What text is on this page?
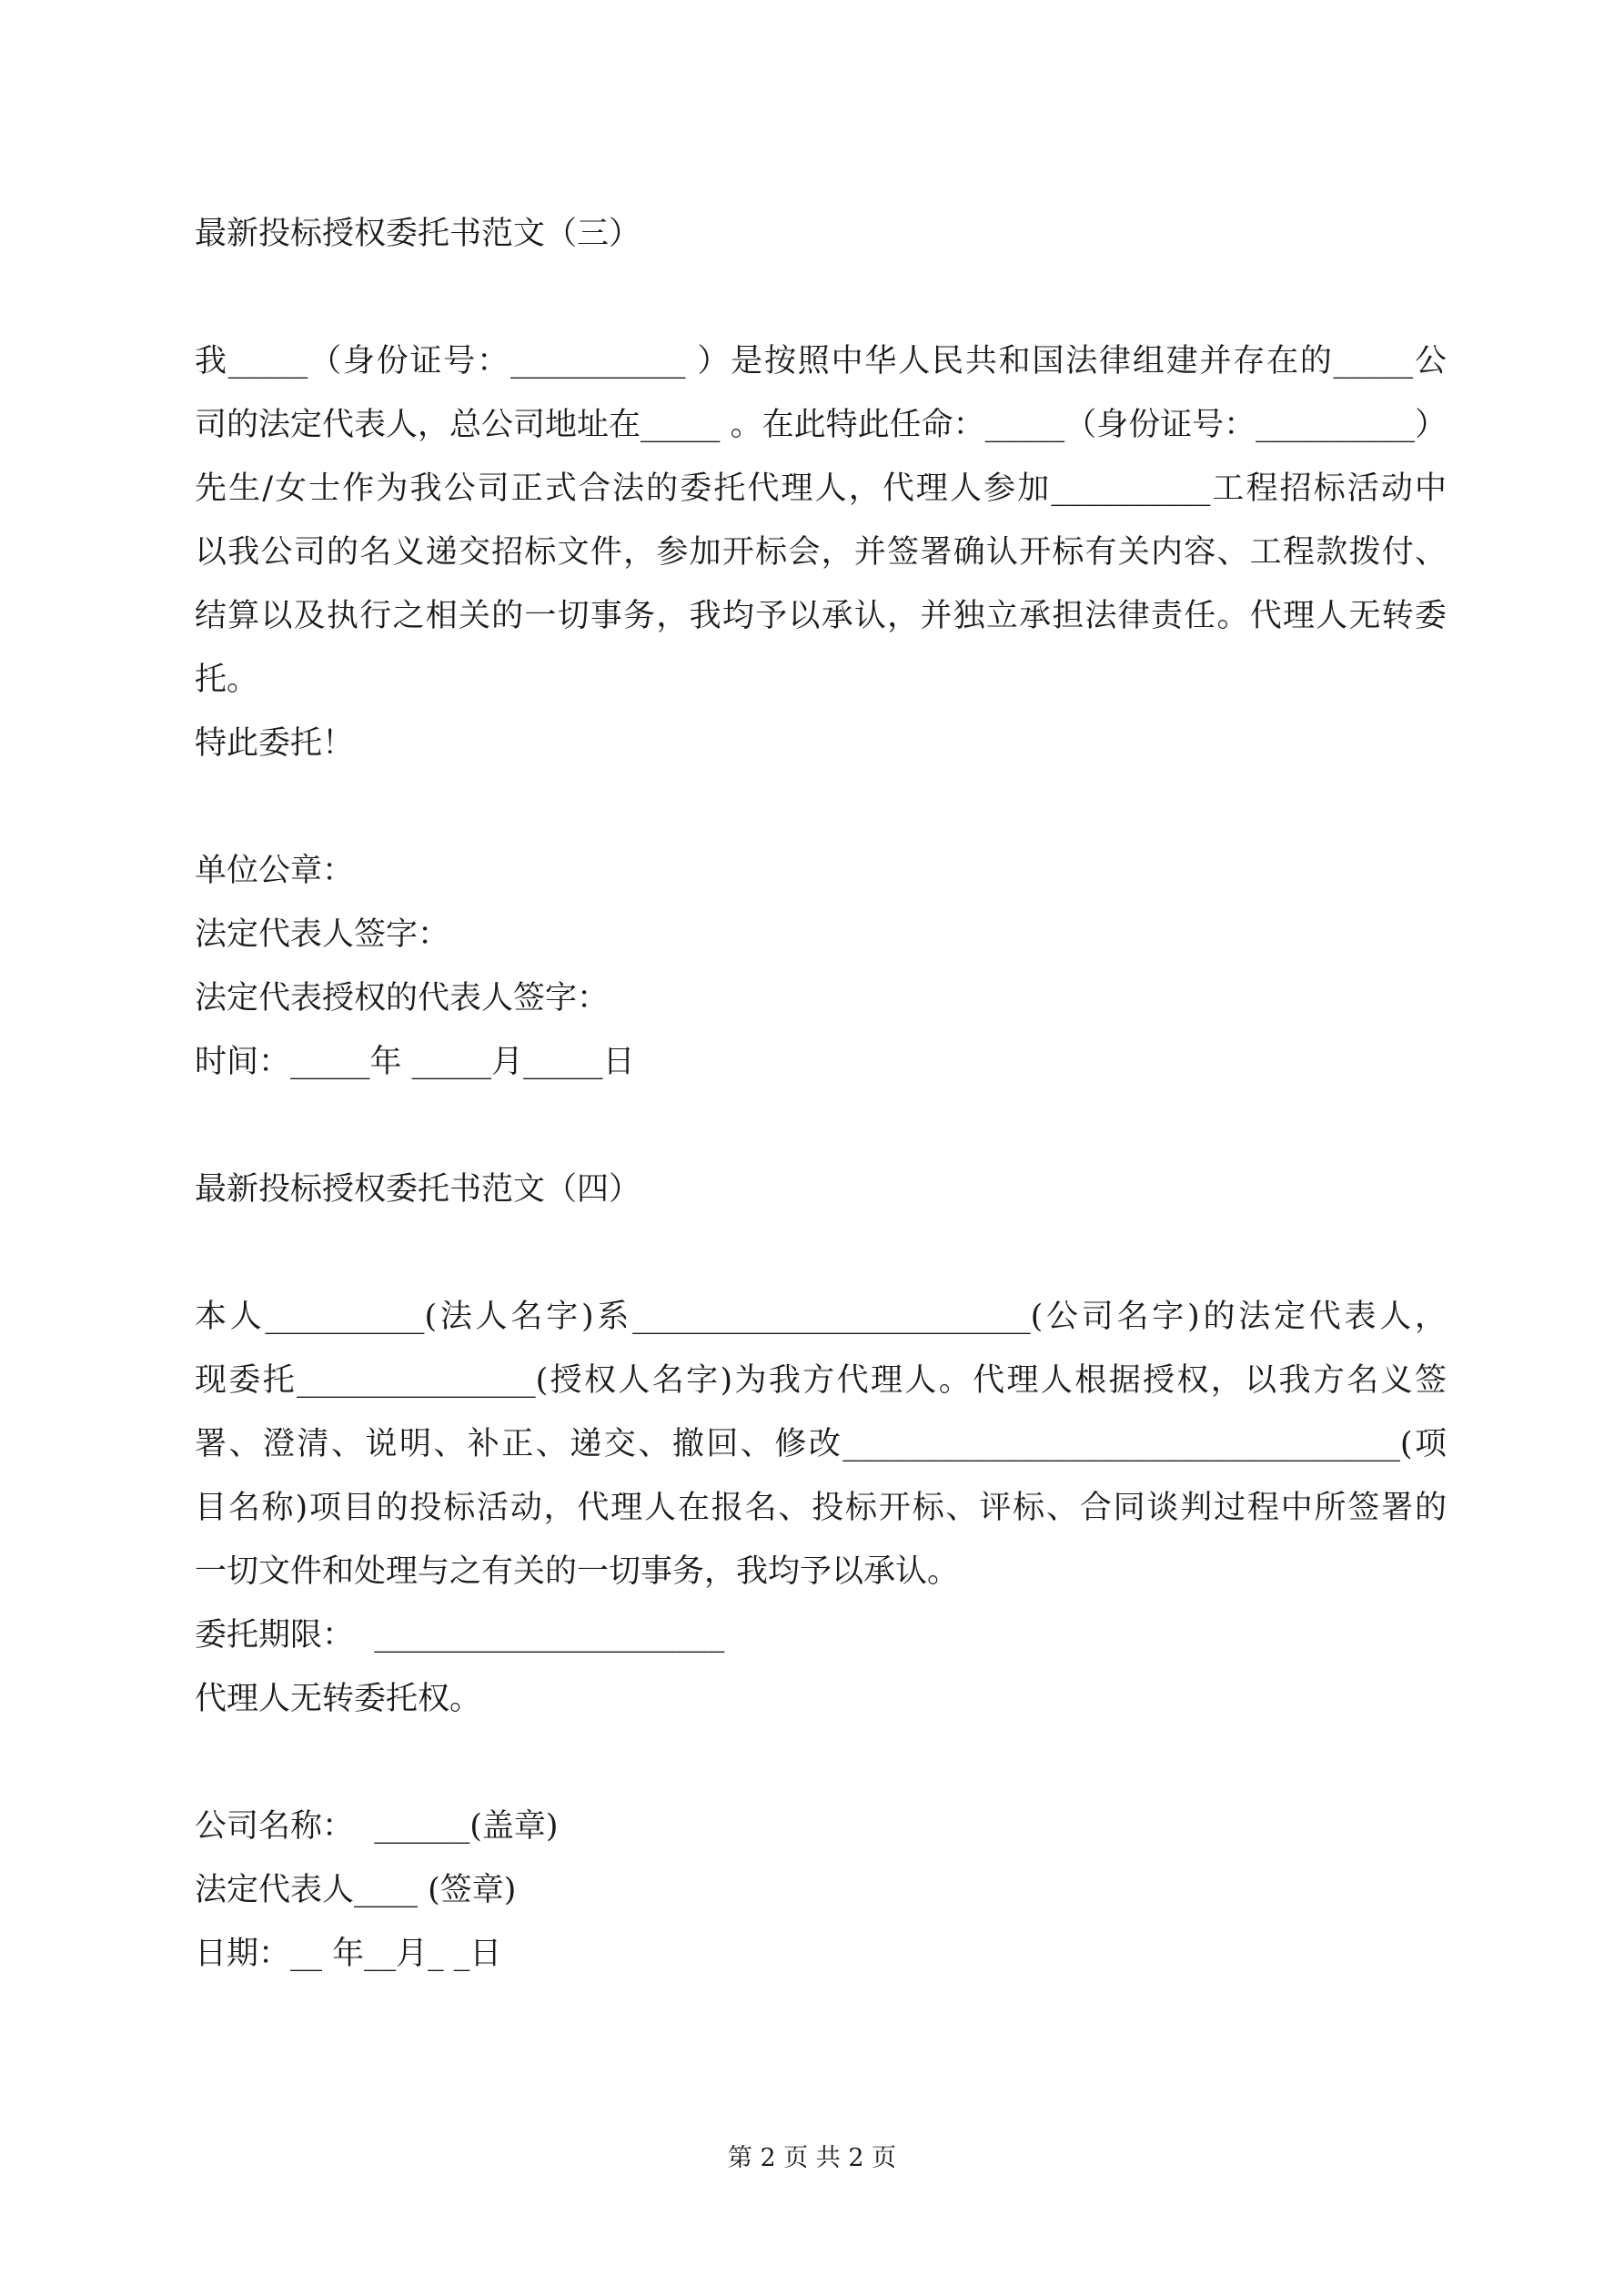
最新投标授权委托书范文（三）
我_____（身份证号：___________ ）是按照中华人民共和国法律组建并存在的_____公
司的法定代表人，总公司地址在_____ 。在此特此任命：_____（身份证号：__________）
先生/女士作为我公司正式合法的委托代理人，代理人参加__________工程招标活动中
以我公司的名义递交招标文件，参加开标会，并签署确认开标有关内容、工程款拨付、
结算以及执行之相关的一切事务，我均予以承认，并独立承担法律责任。代理人无转委
托。
特此委托！
单位公章：
法定代表人签字：
法定代表授权的代表人签字：
时间：_____年 _____月_____日
最新投标授权委托书范文（四）
本人__________(法人名字)系_________________________(公司名字)的法定代表人，
现委托_______________(授权人名字)为我方代理人。代理人根据授权，以我方名义签
署、澄清、说明、补正、递交、撤回、修改___________________________________(项
目名称)项目的投标活动，代理人在报名、投标开标、评标、合同谈判过程中所签署的
一切文件和处理与之有关的一切事务，我均予以承认。
委托期限：  ______________________
代理人无转委托权。
公司名称：  ______(盖章)
法定代表人____ (签章)
日期：__ 年__月_ _日
第 2 页 共 2 页
